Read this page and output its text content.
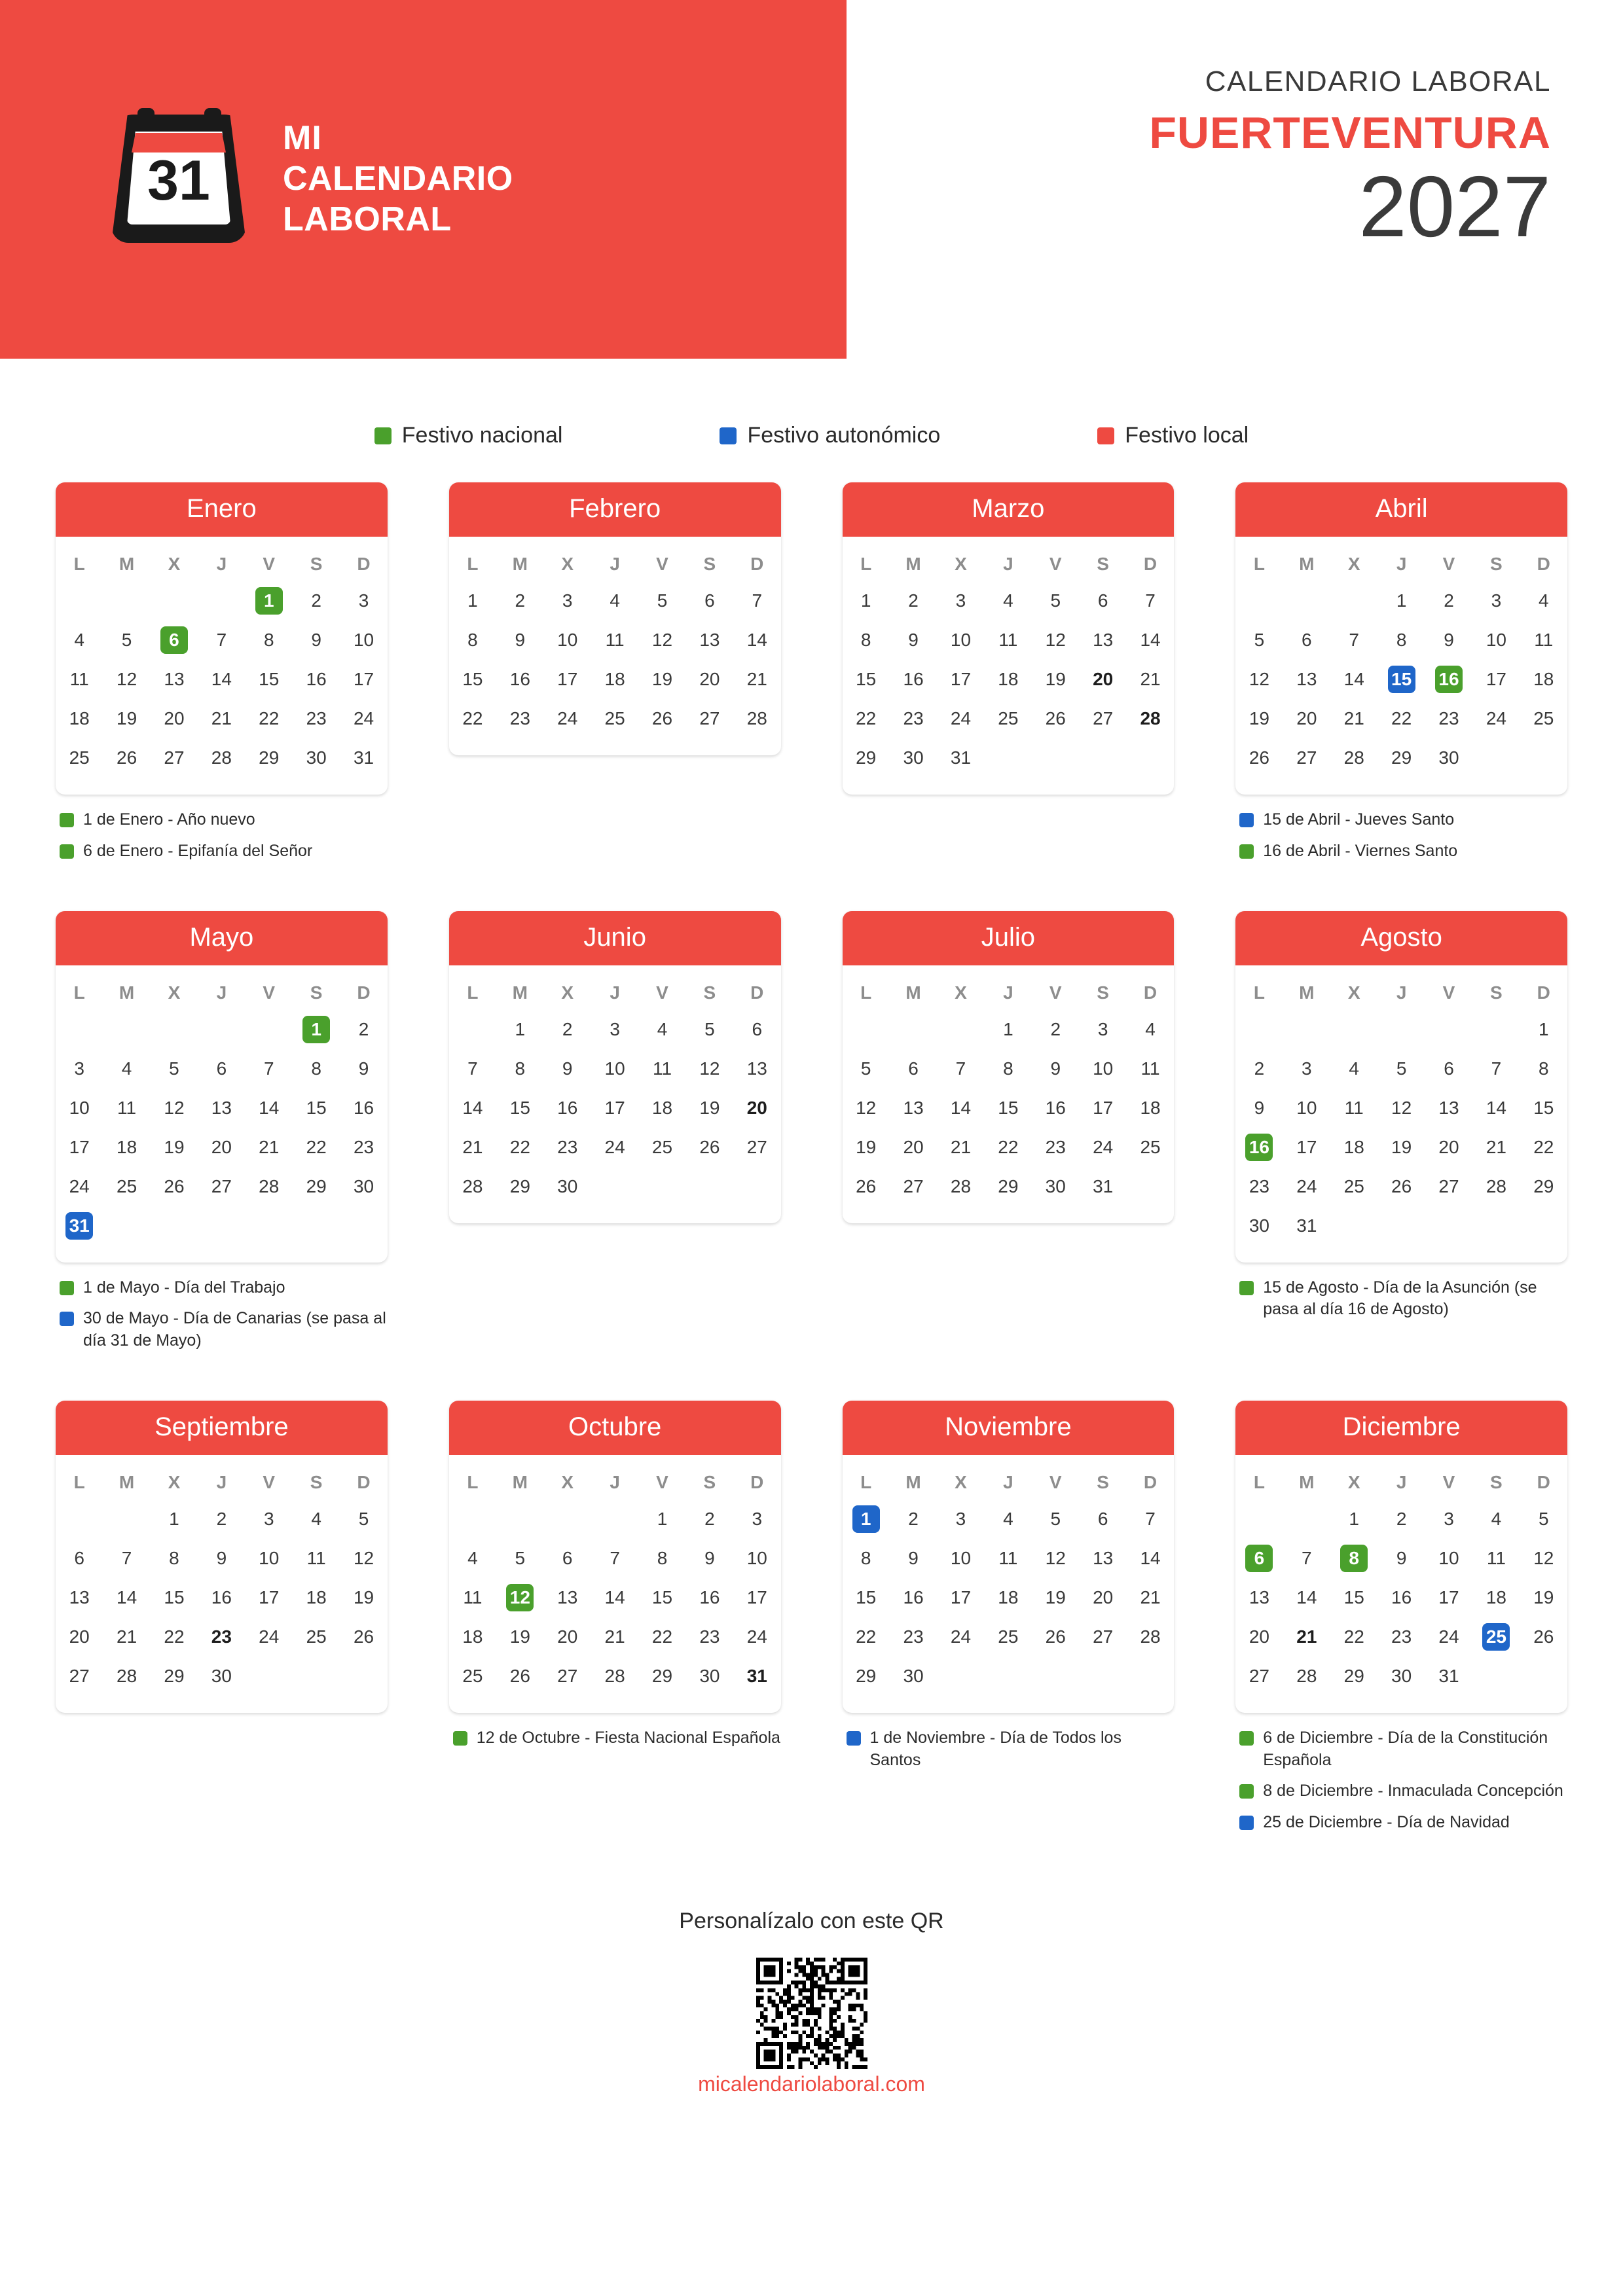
31
MI
CALENDARIO
LABORAL
CALENDARIO LABORAL
FUERTEVENTURA
2027
Festivo nacional	Festivo autonómico	Festivo local
Enero
L	M	X	J	V	S	D
				1	2	3
4	5	6	7	8	9	10
11	12	13	14	15	16	17
18	19	20	21	22	23	24
25	26	27	28	29	30	31
1 de Enero - Año nuevo
6 de Enero - Epifanía del Señor
Febrero
L	M	X	J	V	S	D
1	2	3	4	5	6	7
8	9	10	11	12	13	14
15	16	17	18	19	20	21
22	23	24	25	26	27	28
Marzo
L	M	X	J	V	S	D
1	2	3	4	5	6	7
8	9	10	11	12	13	14
15	16	17	18	19	20	21
22	23	24	25	26	27	28
29	30	31				
Abril
L	M	X	J	V	S	D
			1	2	3	4
5	6	7	8	9	10	11
12	13	14	15	16	17	18
19	20	21	22	23	24	25
26	27	28	29	30		
15 de Abril - Jueves Santo
16 de Abril - Viernes Santo
Mayo
L	M	X	J	V	S	D
					1	2
3	4	5	6	7	8	9
10	11	12	13	14	15	16
17	18	19	20	21	22	23
24	25	26	27	28	29	30
31						
1 de Mayo - Día del Trabajo
30 de Mayo - Día de Canarias (se pasa al día 31 de Mayo)
Junio
L	M	X	J	V	S	D
	1	2	3	4	5	6
7	8	9	10	11	12	13
14	15	16	17	18	19	20
21	22	23	24	25	26	27
28	29	30				
Julio
L	M	X	J	V	S	D
			1	2	3	4
5	6	7	8	9	10	11
12	13	14	15	16	17	18
19	20	21	22	23	24	25
26	27	28	29	30	31	
Agosto
L	M	X	J	V	S	D
						1
2	3	4	5	6	7	8
9	10	11	12	13	14	15
16	17	18	19	20	21	22
23	24	25	26	27	28	29
30	31					
15 de Agosto - Día de la Asunción (se pasa al día 16 de Agosto)
Septiembre
L	M	X	J	V	S	D
		1	2	3	4	5
6	7	8	9	10	11	12
13	14	15	16	17	18	19
20	21	22	23	24	25	26
27	28	29	30			
Octubre
L	M	X	J	V	S	D
				1	2	3
4	5	6	7	8	9	10
11	12	13	14	15	16	17
18	19	20	21	22	23	24
25	26	27	28	29	30	31
12 de Octubre - Fiesta Nacional Española
Noviembre
L	M	X	J	V	S	D
1	2	3	4	5	6	7
8	9	10	11	12	13	14
15	16	17	18	19	20	21
22	23	24	25	26	27	28
29	30					
1 de Noviembre - Día de Todos los Santos
Diciembre
L	M	X	J	V	S	D
		1	2	3	4	5
6	7	8	9	10	11	12
13	14	15	16	17	18	19
20	21	22	23	24	25	26
27	28	29	30	31		
6 de Diciembre - Día de la Constitución Española
8 de Diciembre - Inmaculada Concepción
25 de Diciembre - Día de Navidad
Personalízalo con este QR
micalendariolaboral.com
